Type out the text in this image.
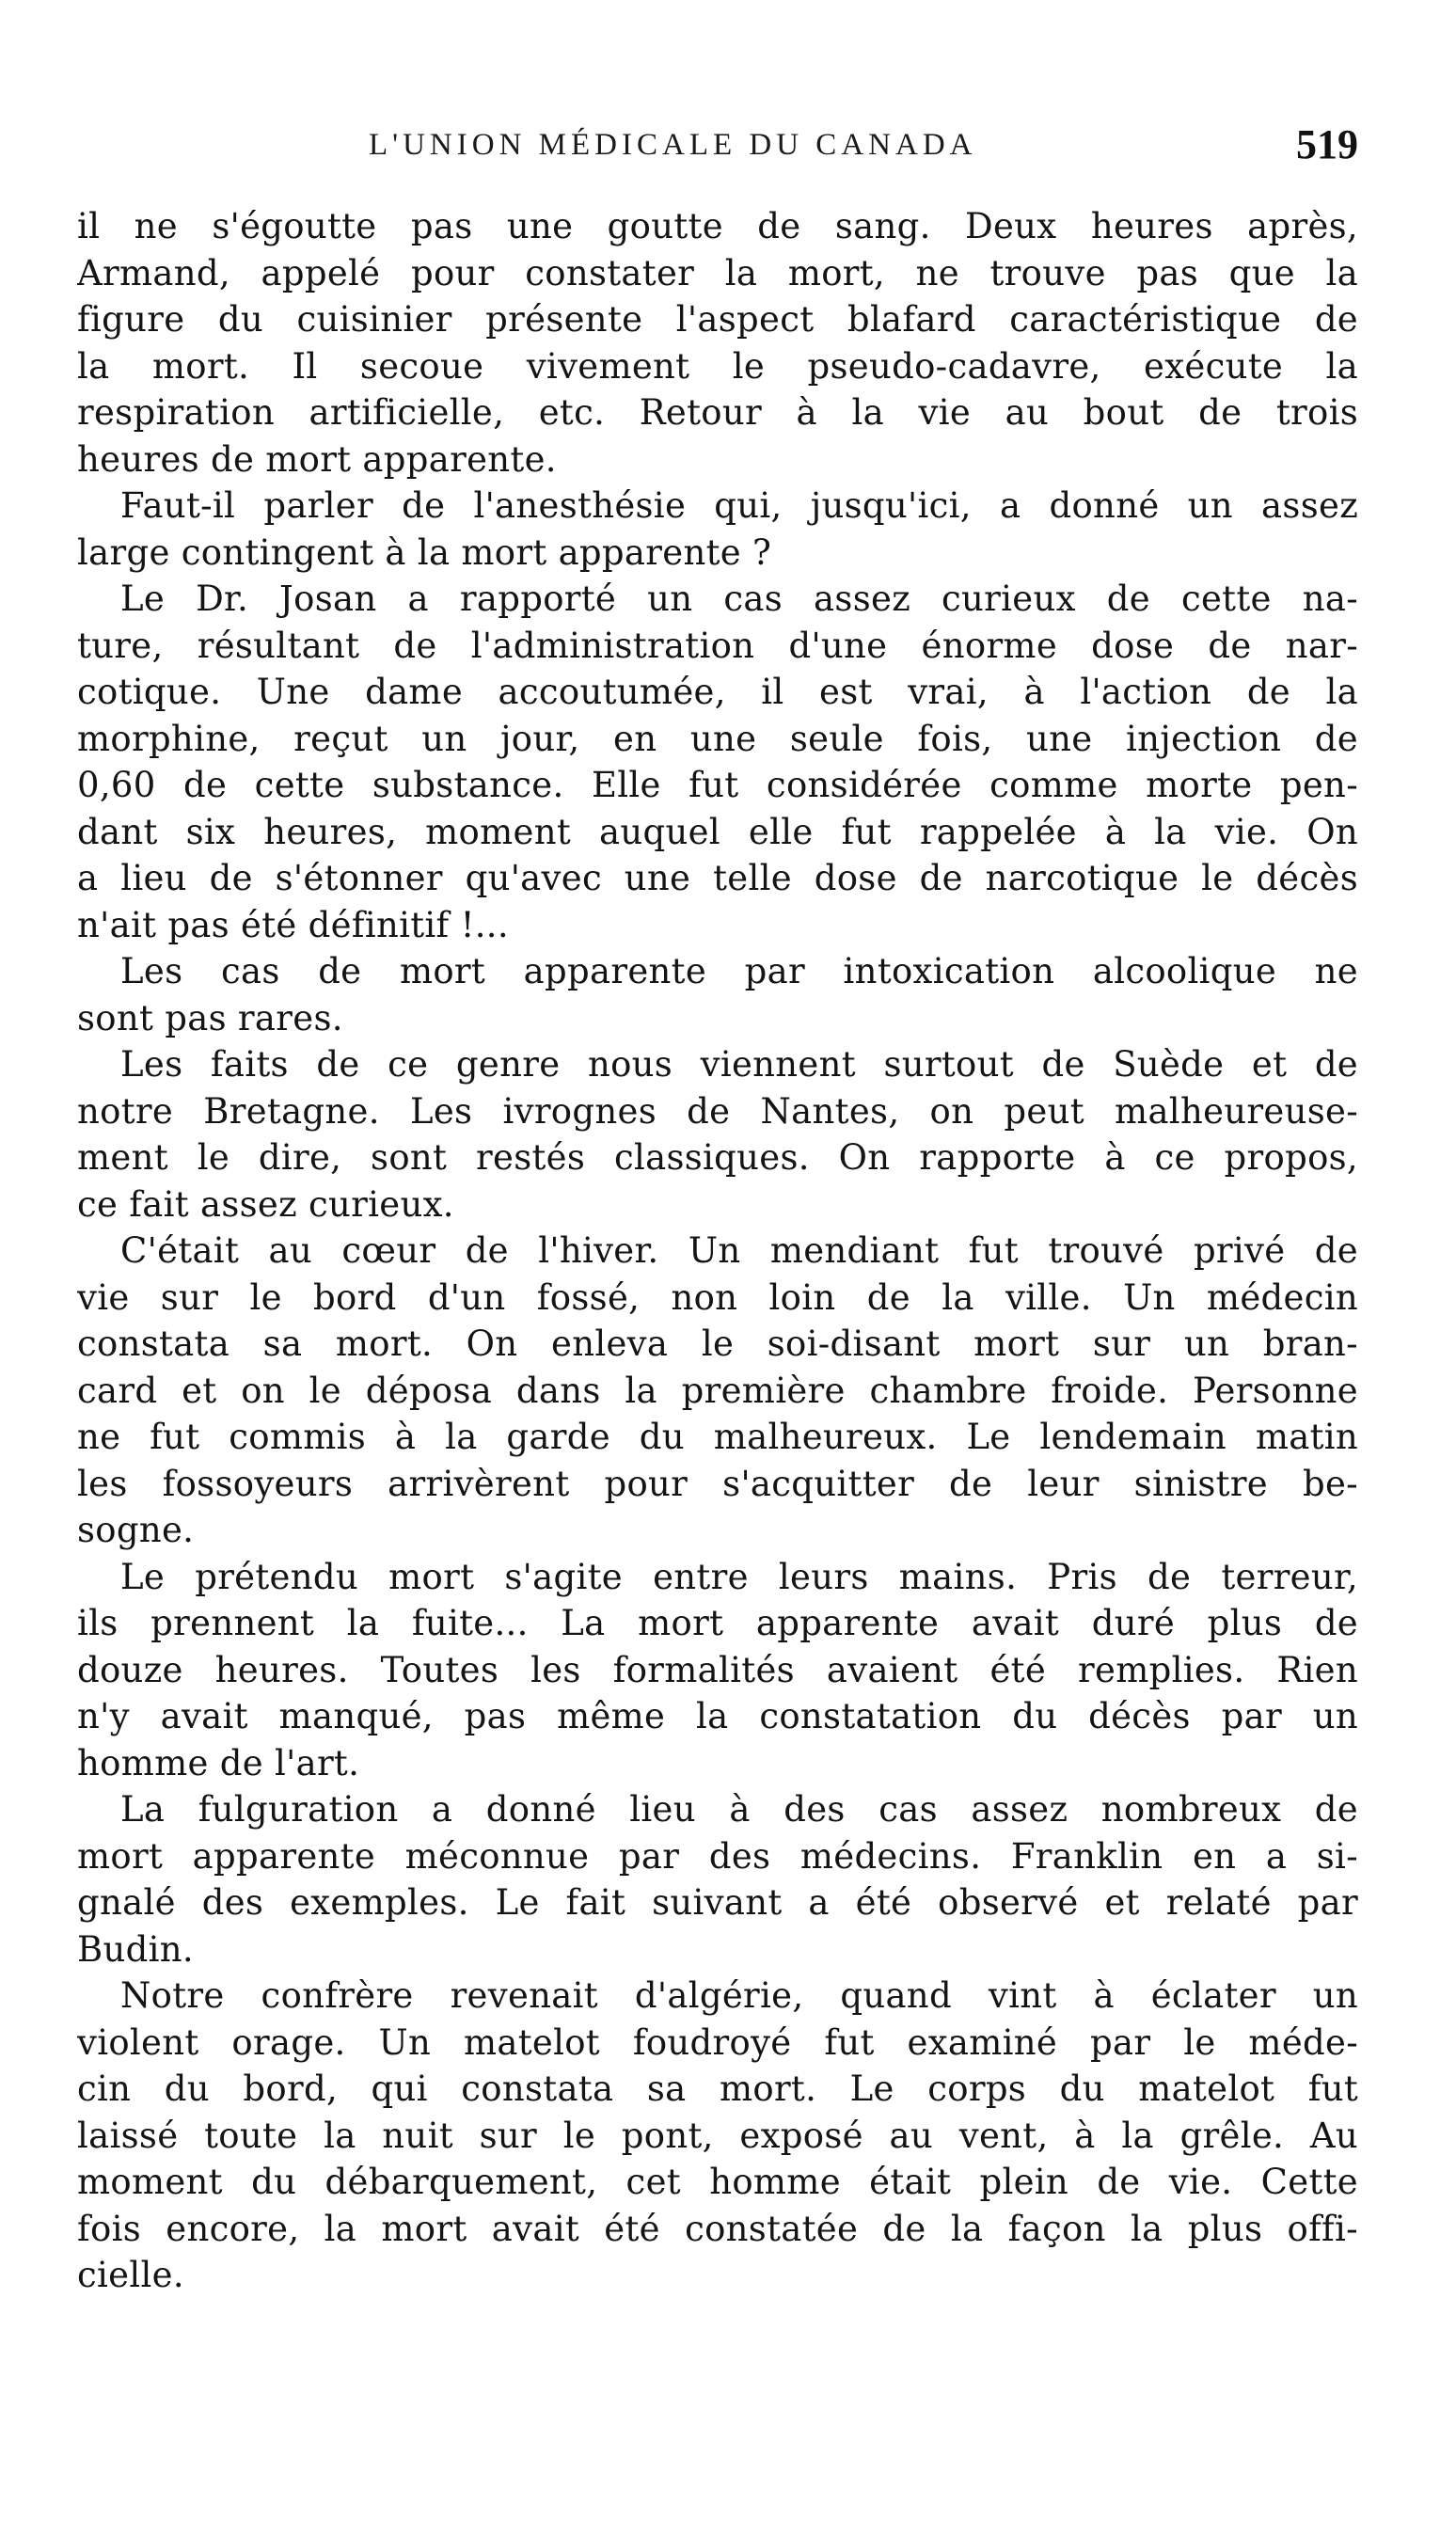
L'UNION MÉDICALE DU CANADA	519
il ne s'égoutte pas une goutte de sang. Deux heures après,
Armand, appelé pour constater la mort, ne trouve pas que la
figure du cuisinier présente l'aspect blafard caractéristique de
la mort. Il secoue vivement le pseudo-cadavre, exécute la
respiration artificielle, etc. Retour à la vie au bout de trois
heures de mort apparente.
Faut-il parler de l'anesthésie qui, jusqu'ici, a donné un assez
large contingent à la mort apparente ?
Le Dr. Josan a rapporté un cas assez curieux de cette na-
ture, résultant de l'administration d'une énorme dose de nar-
cotique. Une dame accoutumée, il est vrai, à l'action de la
morphine, reçut un jour, en une seule fois, une injection de
0,60 de cette substance. Elle fut considérée comme morte pen-
dant six heures, moment auquel elle fut rappelée à la vie. On
a lieu de s'étonner qu'avec une telle dose de narcotique le décès
n'ait pas été définitif !...
Les cas de mort apparente par intoxication alcoolique ne
sont pas rares.
Les faits de ce genre nous viennent surtout de Suède et de
notre Bretagne. Les ivrognes de Nantes, on peut malheureuse-
ment le dire, sont restés classiques. On rapporte à ce propos,
ce fait assez curieux.
C'était au cœur de l'hiver. Un mendiant fut trouvé privé de
vie sur le bord d'un fossé, non loin de la ville. Un médecin
constata sa mort. On enleva le soi-disant mort sur un bran-
card et on le déposa dans la première chambre froide. Personne
ne fut commis à la garde du malheureux. Le lendemain matin
les fossoyeurs arrivèrent pour s'acquitter de leur sinistre be-
sogne.
Le prétendu mort s'agite entre leurs mains. Pris de terreur,
ils prennent la fuite... La mort apparente avait duré plus de
douze heures. Toutes les formalités avaient été remplies. Rien
n'y avait manqué, pas même la constatation du décès par un
homme de l'art.
La fulguration a donné lieu à des cas assez nombreux de
mort apparente méconnue par des médecins. Franklin en a si-
gnalé des exemples. Le fait suivant a été observé et relaté par
Budin.
Notre confrère revenait d'algérie, quand vint à éclater un
violent orage. Un matelot foudroyé fut examiné par le méde-
cin du bord, qui constata sa mort. Le corps du matelot fut
laissé toute la nuit sur le pont, exposé au vent, à la grêle. Au
moment du débarquement, cet homme était plein de vie. Cette
fois encore, la mort avait été constatée de la façon la plus offi-
cielle.
